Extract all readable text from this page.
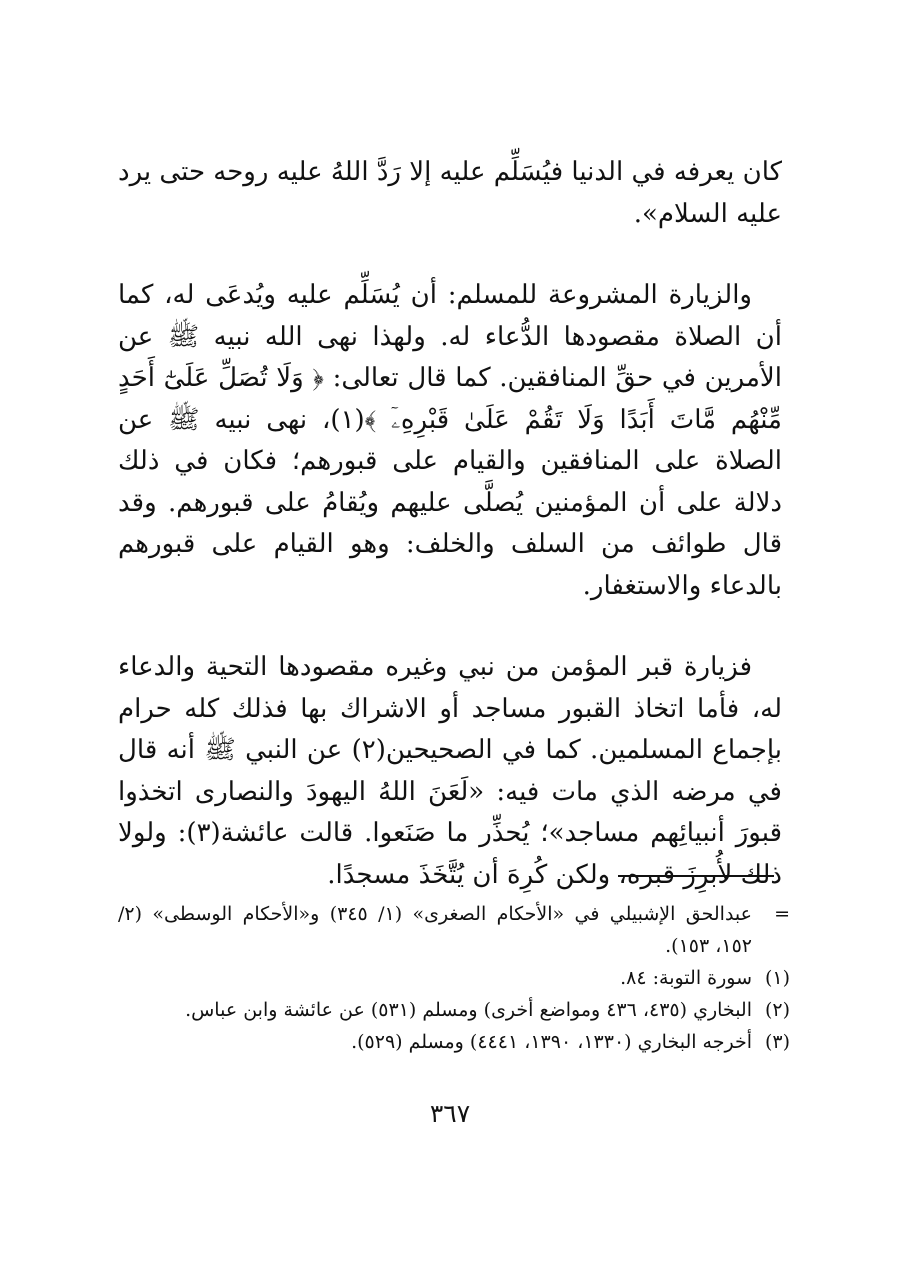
كان يعرفه في الدنيا فيُسَلِّم عليه إلا رَدَّ اللهُ عليه روحه حتى يرد عليه السلام».

والزيارة المشروعة للمسلم: أن يُسَلِّم عليه ويُدعَى له، كما أن الصلاة مقصودها الدُّعاء له. ولهذا نهى الله نبيه ﷺ عن الأمرين في حقِّ المنافقين. كما قال تعالى: ﴿ وَلَا تُصَلِّ عَلَىٰٓ أَحَدٍ مِّنْهُم مَّاتَ أَبَدًا وَلَا تَقُمْ عَلَىٰ قَبْرِهِۦٓ ﴾(١)، نهى نبيه ﷺ عن الصلاة على المنافقين والقيام على قبورهم؛ فكان في ذلك دلالة على أن المؤمنين يُصلَّى عليهم ويُقامُ على قبورهم. وقد قال طوائف من السلف والخلف: وهو القيام على قبورهم بالدعاء والاستغفار.

فزيارة قبر المؤمن من نبي وغيره مقصودها التحية والدعاء له، فأما اتخاذ القبور مساجد أو الاشراك بها فذلك كله حرام بإجماع المسلمين. كما في الصحيحين(٢) عن النبي ﷺ أنه قال في مرضه الذي مات فيه: «لَعَنَ اللهُ اليهودَ والنصارى اتخذوا قبورَ أنبيائِهم مساجد»؛ يُحذِّر ما صَنَعوا. قالت عائشة(٣): ولولا ذلك لأُبرِزَ قبره، ولكن كُرِهَ أن يُتَّخَذَ مسجدًا.

=
عبدالحق الإشبيلي في «الأحكام الصغرى» (١/ ٣٤٥) و«الأحكام الوسطى» (٢/ ١٥٢، ١٥٣).
(١)
سورة التوبة: ٨٤.
(٢)
البخاري (٤٣٥، ٤٣٦ ومواضع أخرى) ومسلم (٥٣١) عن عائشة وابن عباس.
(٣)
أخرجه البخاري (١٣٣٠، ١٣٩٠، ٤٤٤١) ومسلم (٥٢٩).
٣٦٧
